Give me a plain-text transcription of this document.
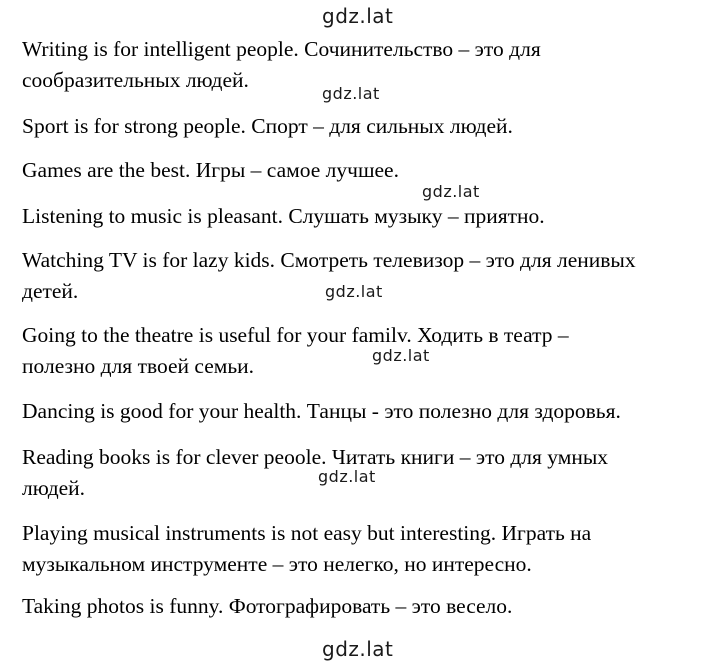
gdz.lat

Writing is for intelligent people. Сочинительство – это для
сообразительных людей.

gdz.lat

Sport is for strong people. Спорт – для сильных людей.

Games are the best. Игры – самое лучшее.

gdz.lat

Listening to music is pleasant. Слушать музыку – приятно.

Watching TV is for lazy kids. Смотреть телевизор – это для ленивых
детей.	gdz.lat

Going to the theatre is useful for your familv. Ходить в театр –
полезно для твоей семьи.	gdz.lat

Dancing is good for your health. Танцы - это полезно для здоровья.

Reading books is for clever peoole. Читать книги – это для умных
людей.	gdz.lat

Playing musical instruments is not easy but interesting. Играть на
музыкальном инструменте – это нелегко, но интересно.

Taking photos is funny. Фотографировать – это весело.

gdz.lat
